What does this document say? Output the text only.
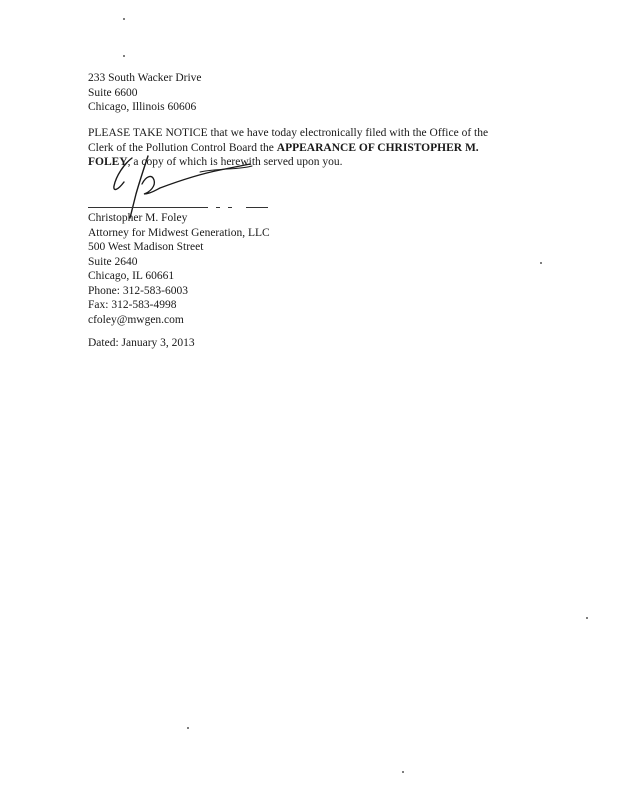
233 South Wacker Drive
Suite 6600
Chicago, Illinois 60606
PLEASE TAKE NOTICE that we have today electronically filed with the Office of the
Clerk of the Pollution Control Board the APPEARANCE OF CHRISTOPHER M.
FOLEY, a copy of which is herewith served upon you.
Christopher M. Foley
Attorney for Midwest Generation, LLC
500 West Madison Street
Suite 2640
Chicago, IL 60661
Phone: 312-583-6003
Fax: 312-583-4998
cfoley@mwgen.com
Dated: January 3, 2013
